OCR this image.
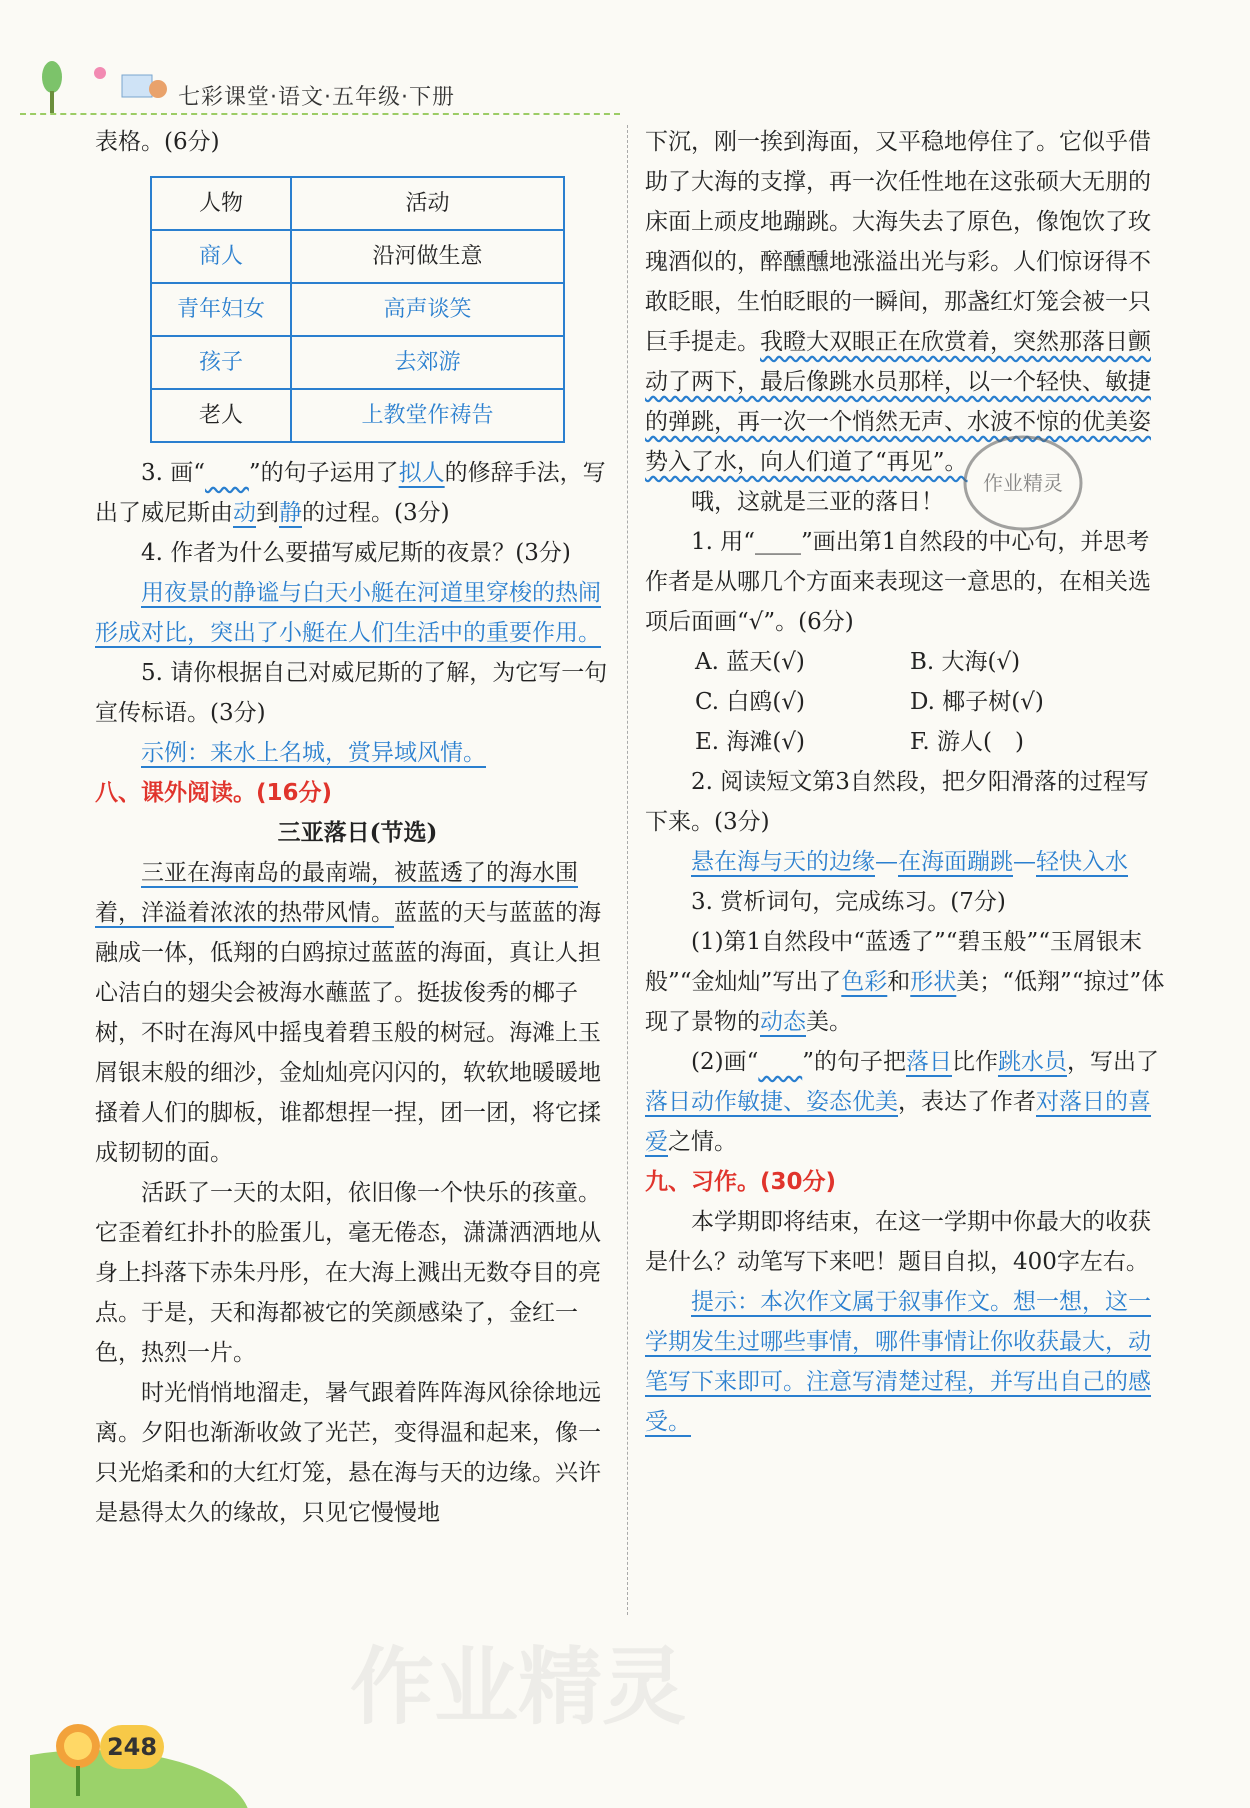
七彩课堂·语文·五年级·下册

表格。(6分)

人物	活动
商人	沿河做生意
青年妇女	高声谈笑
孩子	去郊游
老人	上教堂作祷告

3. 画“ ”的句子运用了拟人的修辞手法，写出了威尼斯由动到静的过程。(3分)

4. 作者为什么要描写威尼斯的夜景？(3分)

用夜景的静谧与白天小艇在河道里穿梭的热闹形成对比，突出了小艇在人们生活中的重要作用。

5. 请你根据自己对威尼斯的了解，为它写一句宣传标语。(3分)

示例：来水上名城，赏异域风情。

八、课外阅读。(16分)

三亚落日(节选)

三亚在海南岛的最南端，被蓝透了的海水围着，洋溢着浓浓的热带风情。蓝蓝的天与蓝蓝的海融成一体，低翔的白鸥掠过蓝蓝的海面，真让人担心洁白的翅尖会被海水蘸蓝了。挺拔俊秀的椰子树，不时在海风中摇曳着碧玉般的树冠。海滩上玉屑银末般的细沙，金灿灿亮闪闪的，软软地暖暖地搔着人们的脚板，谁都想捏一捏，团一团，将它揉成韧韧的面。

活跃了一天的太阳，依旧像一个快乐的孩童。它歪着红扑扑的脸蛋儿，毫无倦态，潇潇洒洒地从身上抖落下赤朱丹彤，在大海上溅出无数夺目的亮点。于是，天和海都被它的笑颜感染了，金红一色，热烈一片。

时光悄悄地溜走，暑气跟着阵阵海风徐徐地远离。夕阳也渐渐收敛了光芒，变得温和起来，像一只光焰柔和的大红灯笼，悬在海与天的边缘。兴许是悬得太久的缘故，只见它慢慢地

下沉，刚一挨到海面，又平稳地停住了。它似乎借助了大海的支撑，再一次任性地在这张硕大无朋的床面上顽皮地蹦跳。大海失去了原色，像饱饮了玫瑰酒似的，醉醺醺地涨溢出光与彩。人们惊讶得不敢眨眼，生怕眨眼的一瞬间，那盏红灯笼会被一只巨手提走。我瞪大双眼正在欣赏着，突然那落日颤动了两下，最后像跳水员那样，以一个轻快、敏捷的弹跳，再一次一个悄然无声、水波不惊的优美姿势入了水，向人们道了“再见”。

哦，这就是三亚的落日！

1. 用“____”画出第1自然段的中心句，并思考作者是从哪几个方面来表现这一意思的，在相关选项后面画“√”。(6分)

A. 蓝天(√)	B. 大海(√)
C. 白鸥(√)	D. 椰子树(√)
E. 海滩(√)	F. 游人(　)

2. 阅读短文第3自然段，把夕阳滑落的过程写下来。(3分)

悬在海与天的边缘—在海面蹦跳—轻快入水

3. 赏析词句，完成练习。(7分)

(1)第1自然段中“蓝透了”“碧玉般”“玉屑银末般”“金灿灿”写出了色彩和形状美；“低翔”“掠过”体现了景物的动态美。

(2)画“ ”的句子把落日比作跳水员，写出了落日动作敏捷、姿态优美，表达了作者对落日的喜爱之情。

九、习作。(30分)

本学期即将结束，在这一学期中你最大的收获是什么？动笔写下来吧！题目自拟，400字左右。

提示：本次作文属于叙事作文。想一想，这一学期发生过哪些事情，哪件事情让你收获最大，动笔写下来即可。注意写清楚过程，并写出自己的感受。

作业精灵
作业精灵
248
